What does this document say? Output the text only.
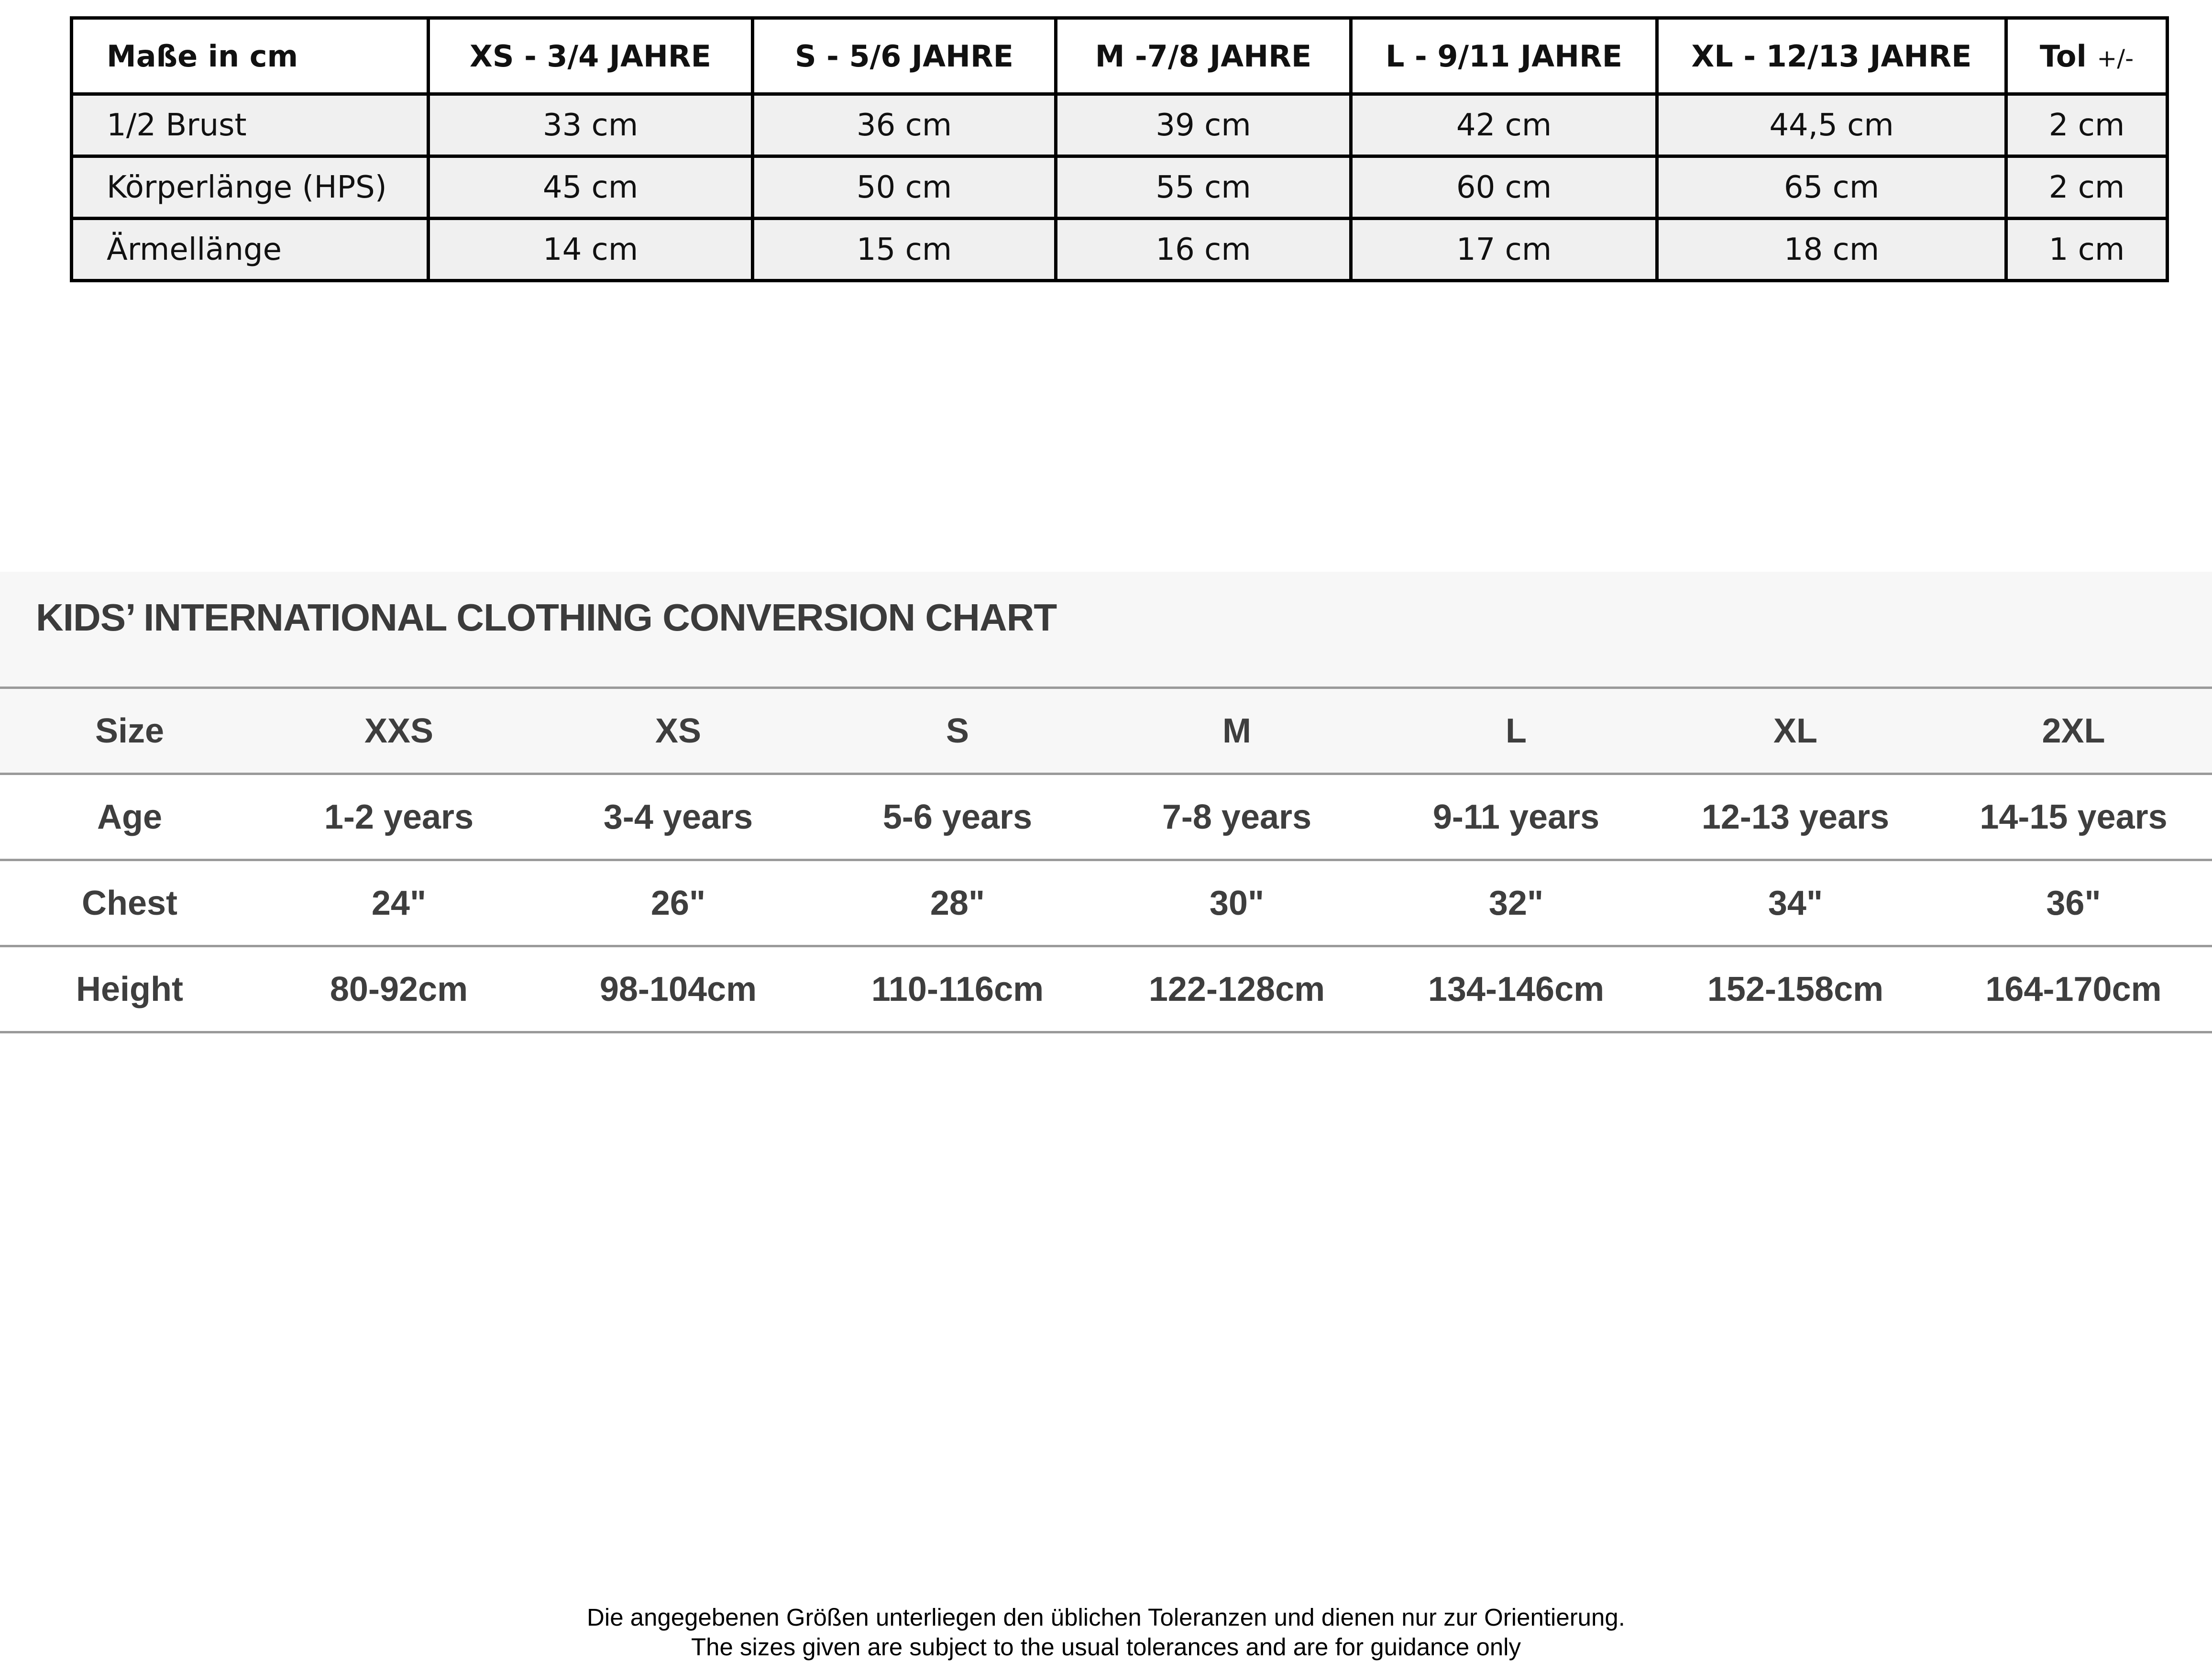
Maße in cm	XS - 3/4 JAHRE	S - 5/6 JAHRE	M -7/8 JAHRE	L - 9/11 JAHRE	XL - 12/13 JAHRE	Tol +/-
1/2 Brust	33 cm	36 cm	39 cm	42 cm	44,5 cm	2 cm
Körperlänge (HPS)	45 cm	50 cm	55 cm	60 cm	65 cm	2 cm
Ärmellänge	14 cm	15 cm	16 cm	17 cm	18 cm	1 cm
KIDS’ INTERNATIONAL CLOTHING CONVERSION CHART
Size	XXS	XS	S	M	L	XL	2XL
Age	1-2 years	3-4 years	5-6 years	7-8 years	9-11 years	12-13 years	14-15 years
Chest	24"	26"	28"	30"	32"	34"	36"
Height	80-92cm	98-104cm	110-116cm	122-128cm	134-146cm	152-158cm	164-170cm
Die angegebenen Größen unterliegen den üblichen Toleranzen und dienen nur zur Orientierung.
The sizes given are subject to the usual tolerances and are for guidance only
